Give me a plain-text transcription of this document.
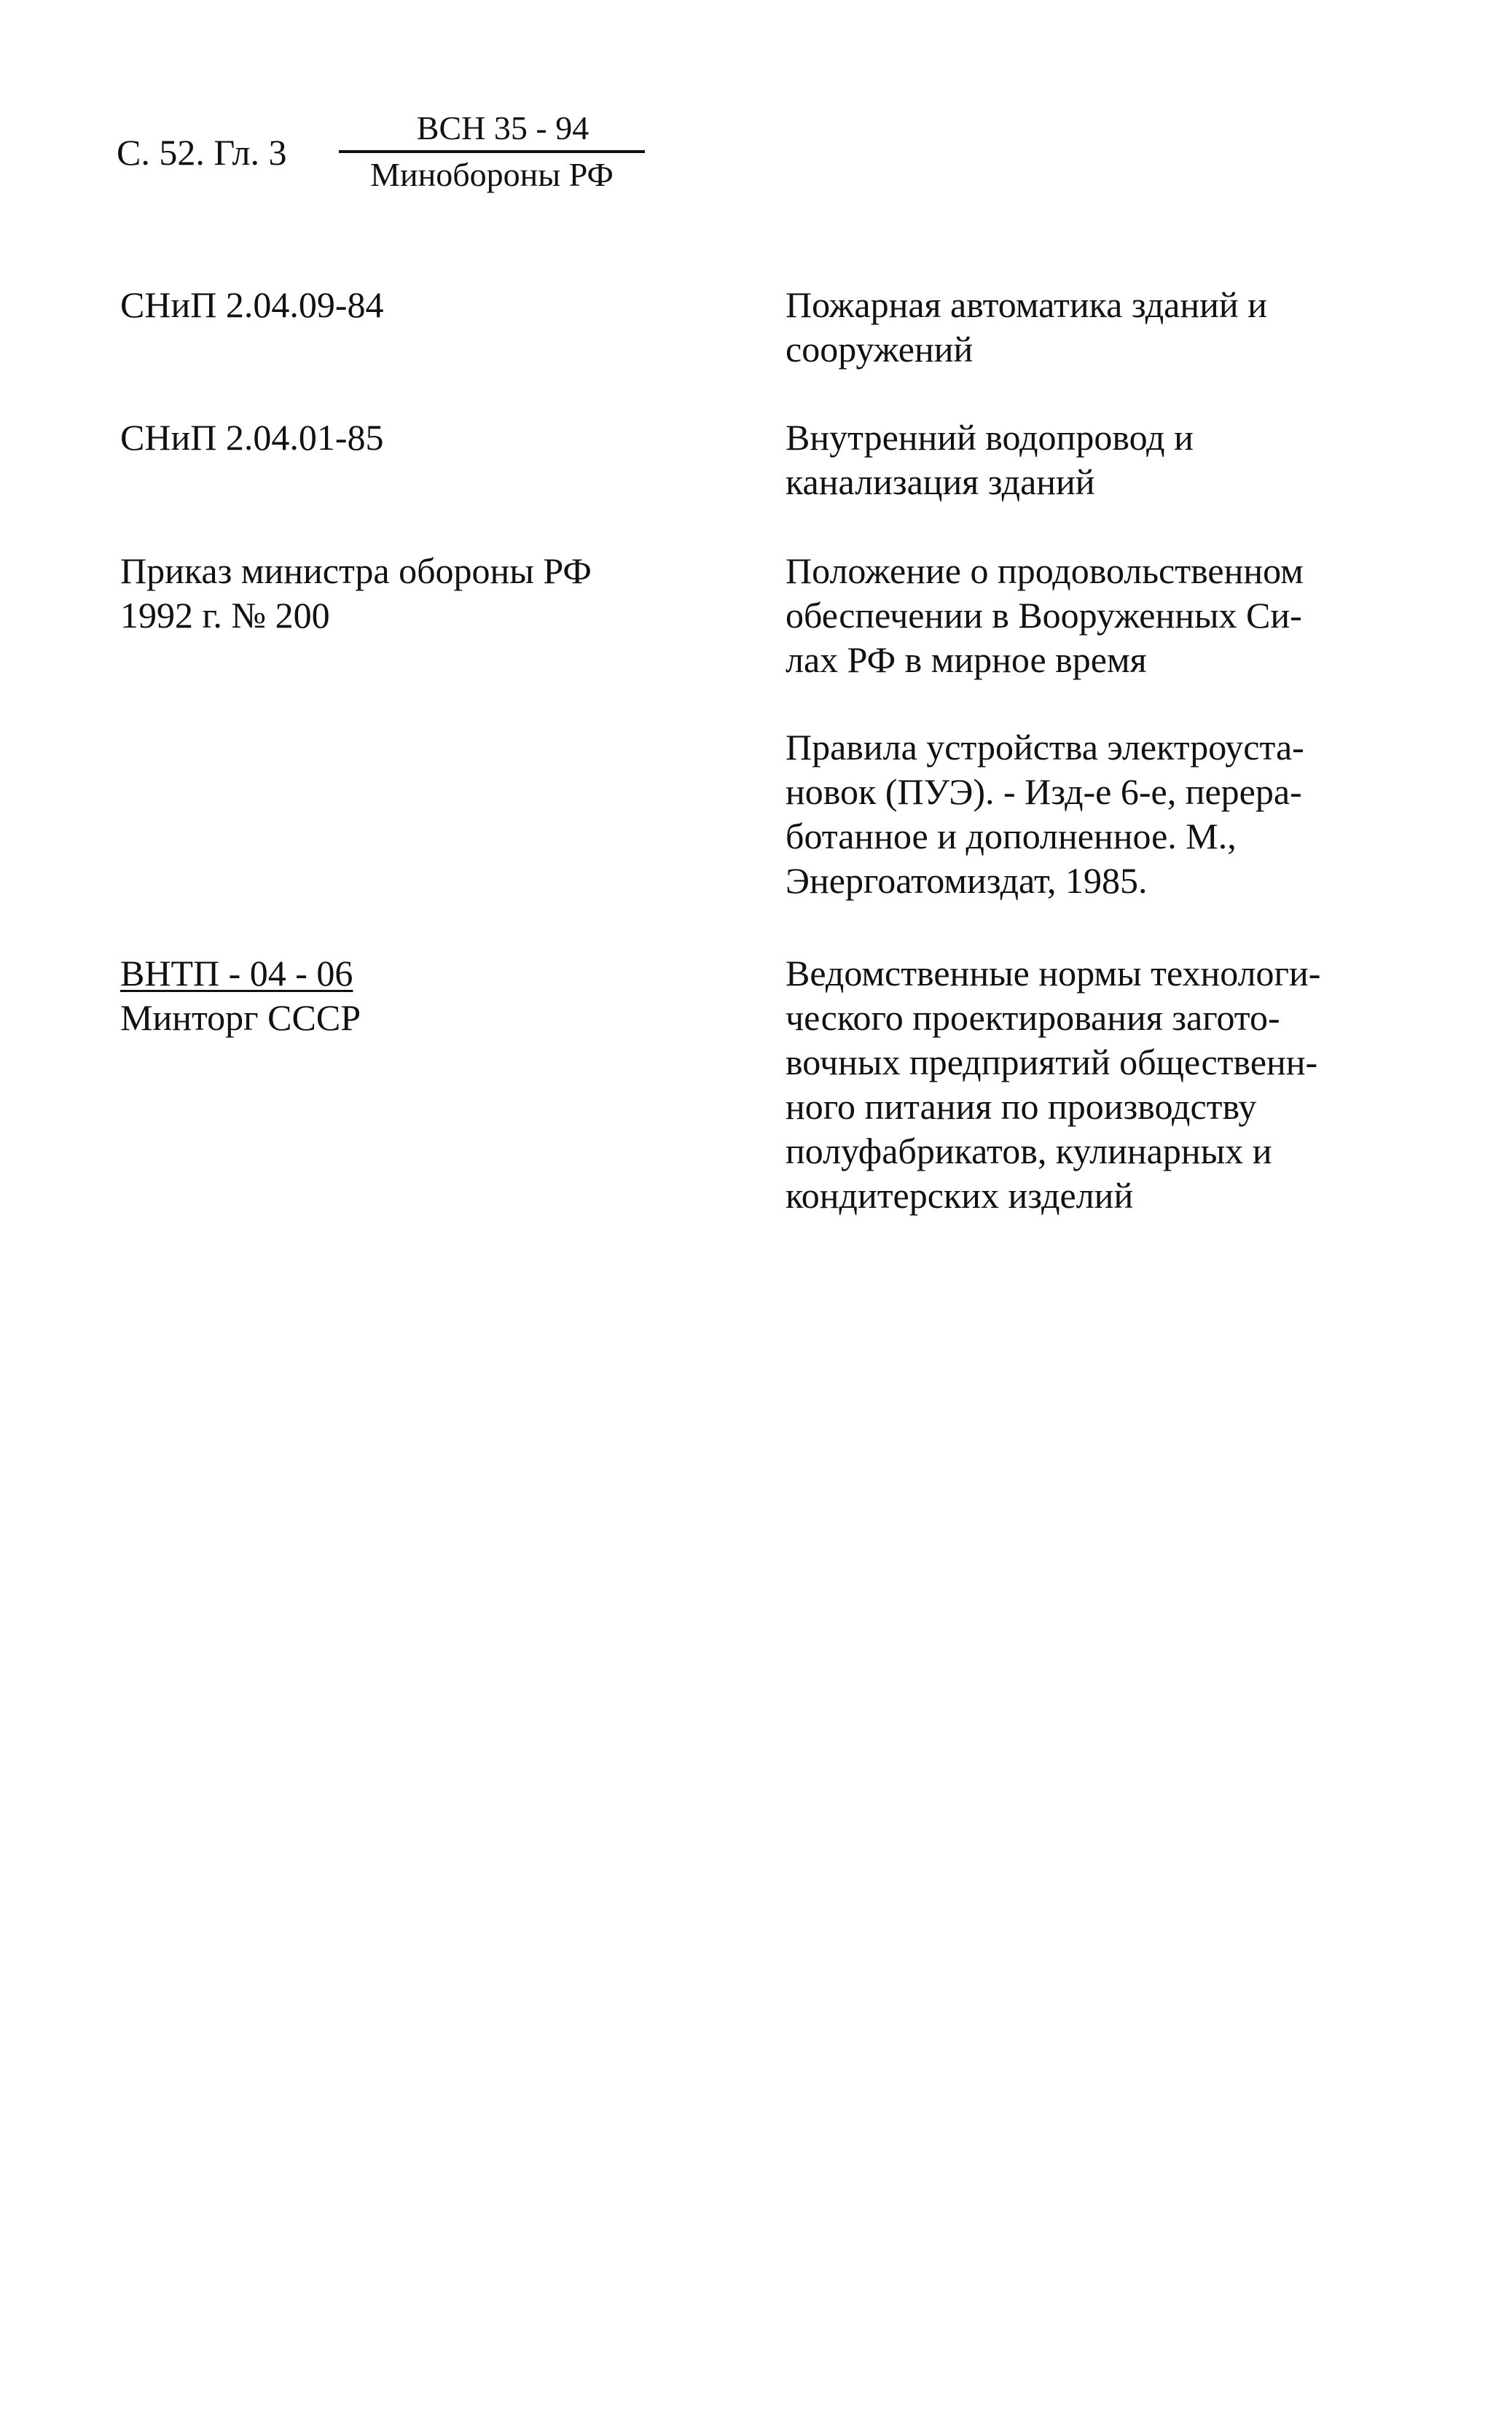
С. 52. Гл. 3
ВСН 35 - 94
Минобороны РФ
СНиП 2.04.09-84	Пожарная автоматика зданий и
сооружений
СНиП 2.04.01-85	Внутренний водопровод и
канализация зданий
Приказ министра обороны РФ
1992 г. № 200
Положение о продовольственном
обеспечении в Вооруженных Си-
лах РФ в мирное время
Правила устройства электроуста-
новок (ПУЭ). - Изд-е 6-е, перера-
ботанное и дополненное. М.,
Энергоатомиздат, 1985.
ВНТП - 04 - 06
Минторг СССР
Ведомственные нормы технологи-
ческого проектирования загото-
вочных предприятий общественн-
ного питания по производству
полуфабрикатов, кулинарных и
кондитерских изделий
